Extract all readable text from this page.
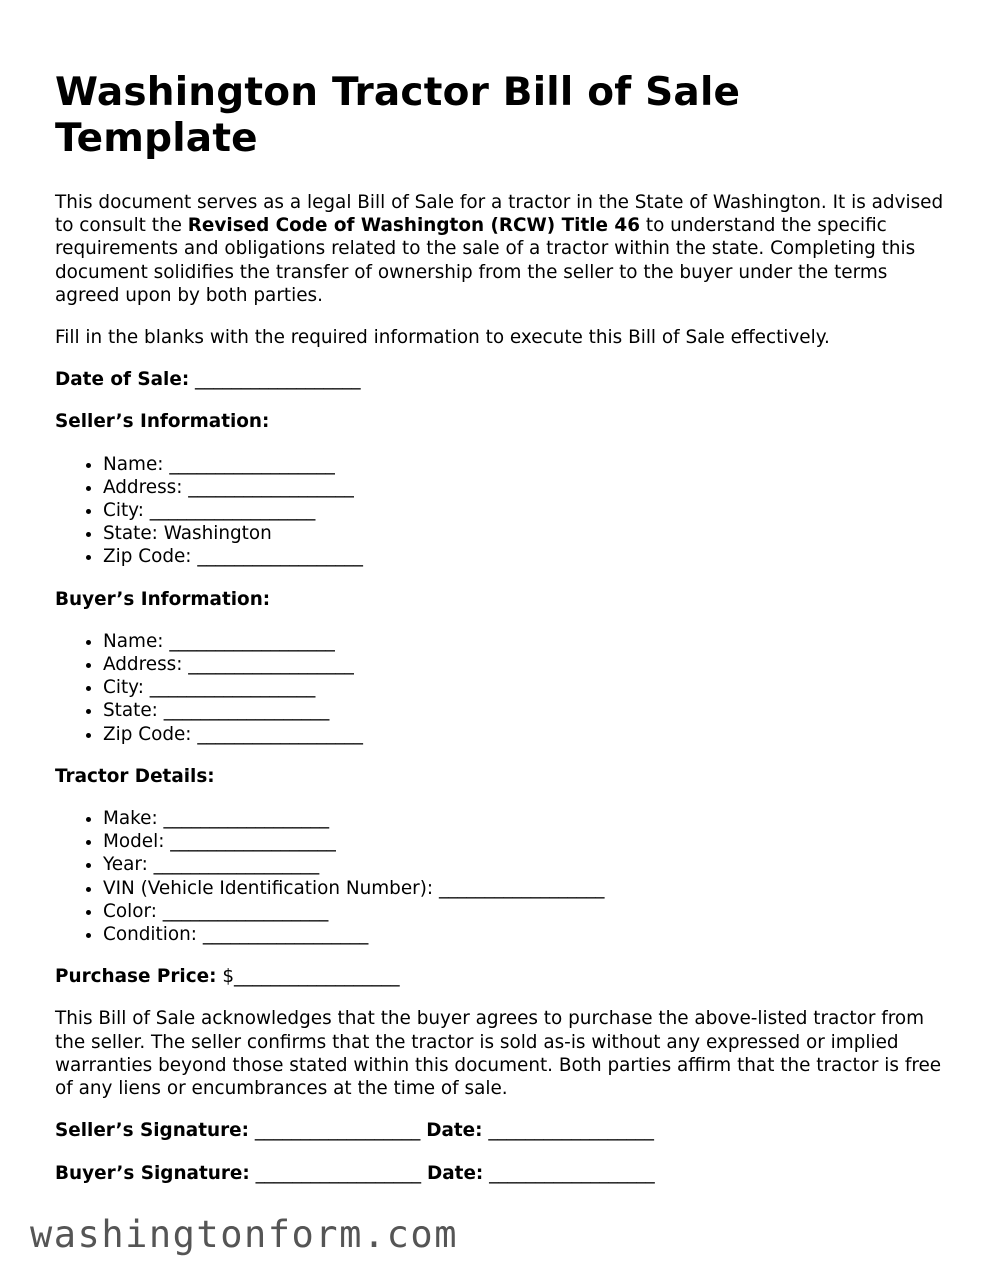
Washington Tractor Bill of Sale Template

This document serves as a legal Bill of Sale for a tractor in the State of Washington. It is advised to consult the Revised Code of Washington (RCW) Title 46 to understand the specific requirements and obligations related to the sale of a tractor within the state. Completing this document solidifies the transfer of ownership from the seller to the buyer under the terms agreed upon by both parties.

Fill in the blanks with the required information to execute this Bill of Sale effectively.

Date of Sale: __________________
Seller’s Information:
• Name: __________________
• Address: __________________
• City: __________________
• State: Washington
• Zip Code: __________________
Buyer’s Information:
• Name: __________________
• Address: __________________
• City: __________________
• State: __________________
• Zip Code: __________________
Tractor Details:
• Make: __________________
• Model: __________________
• Year: __________________
• VIN (Vehicle Identification Number): __________________
• Color: __________________
• Condition: __________________
Purchase Price: $__________________

This Bill of Sale acknowledges that the buyer agrees to purchase the above-listed tractor from the seller. The seller confirms that the tractor is sold as-is without any expressed or implied warranties beyond those stated within this document. Both parties affirm that the tractor is free of any liens or encumbrances at the time of sale.

Seller’s Signature: __________________ Date: __________________
Buyer’s Signature: __________________ Date: __________________
washingtonform.com
